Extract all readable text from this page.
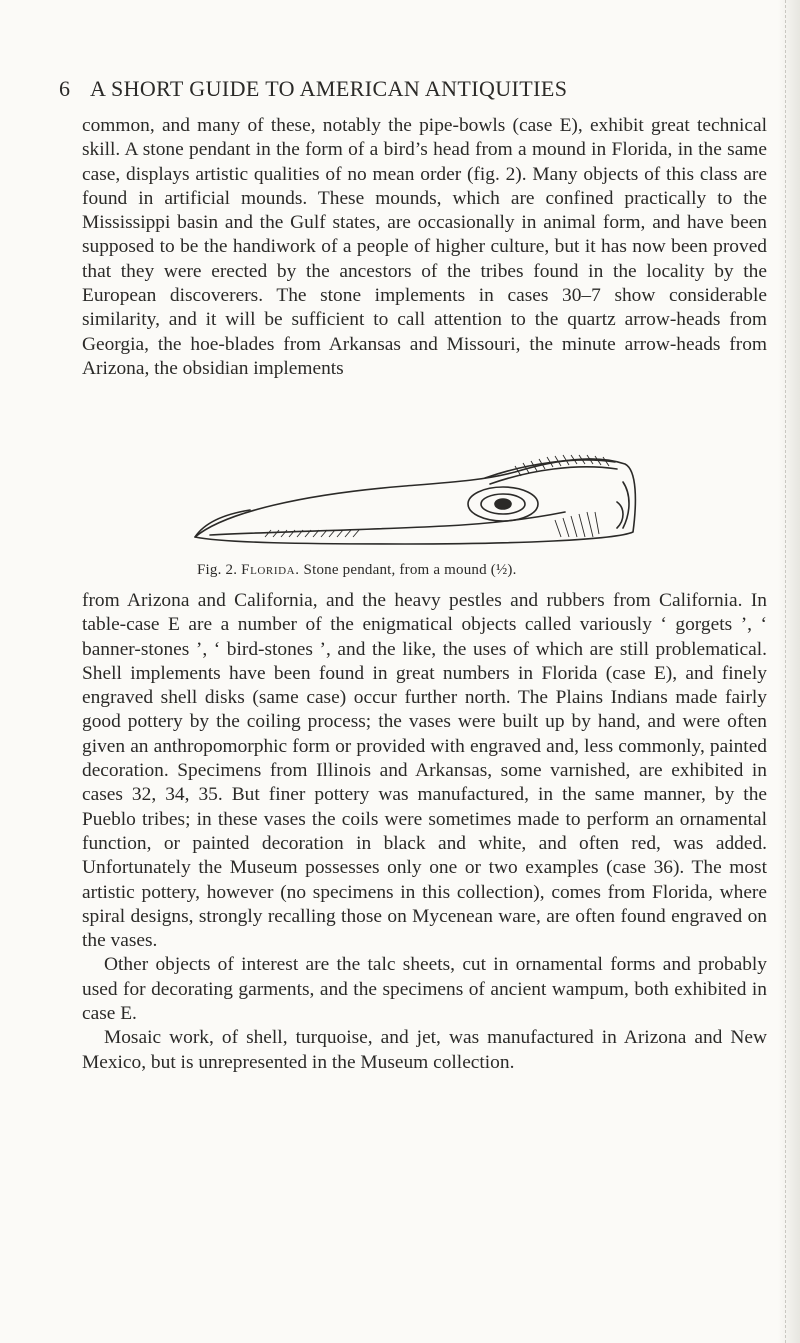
6 A SHORT GUIDE TO AMERICAN ANTIQUITIES

common, and many of these, notably the pipe-bowls (case E), exhibit great technical skill. A stone pendant in the form of a bird’s head from a mound in Florida, in the same case, displays artistic qualities of no mean order (fig. 2). Many objects of this class are found in artificial mounds. These mounds, which are confined practically to the Mississippi basin and the Gulf states, are occasionally in animal form, and have been supposed to be the handiwork of a people of higher culture, but it has now been proved that they were erected by the ancestors of the tribes found in the locality by the European discoverers. The stone implements in cases 30–7 show considerable similarity, and it will be sufficient to call attention to the quartz arrow-heads from Georgia, the hoe-blades from Arkansas and Missouri, the minute arrow-heads from Arizona, the obsidian implements

Fig. 2. Florida. Stone pendant, from a mound (½).

from Arizona and California, and the heavy pestles and rubbers from California. In table-case E are a number of the enigmatical objects called variously ‘ gorgets ’, ‘ banner-stones ’, ‘ bird-stones ’, and the like, the uses of which are still problematical. Shell implements have been found in great numbers in Florida (case E), and finely engraved shell disks (same case) occur further north. The Plains Indians made fairly good pottery by the coiling process; the vases were built up by hand, and were often given an anthropomorphic form or provided with engraved and, less commonly, painted decoration. Specimens from Illinois and Arkansas, some varnished, are exhibited in cases 32, 34, 35. But finer pottery was manufactured, in the same manner, by the Pueblo tribes; in these vases the coils were sometimes made to perform an ornamental function, or painted decoration in black and white, and often red, was added. Unfortunately the Museum possesses only one or two examples (case 36). The most artistic pottery, however (no specimens in this collection), comes from Florida, where spiral designs, strongly recalling those on Mycenean ware, are often found engraved on the vases.

Other objects of interest are the talc sheets, cut in ornamental forms and probably used for decorating garments, and the specimens of ancient wampum, both exhibited in case E.

Mosaic work, of shell, turquoise, and jet, was manufactured in Arizona and New Mexico, but is unrepresented in the Museum collection.
